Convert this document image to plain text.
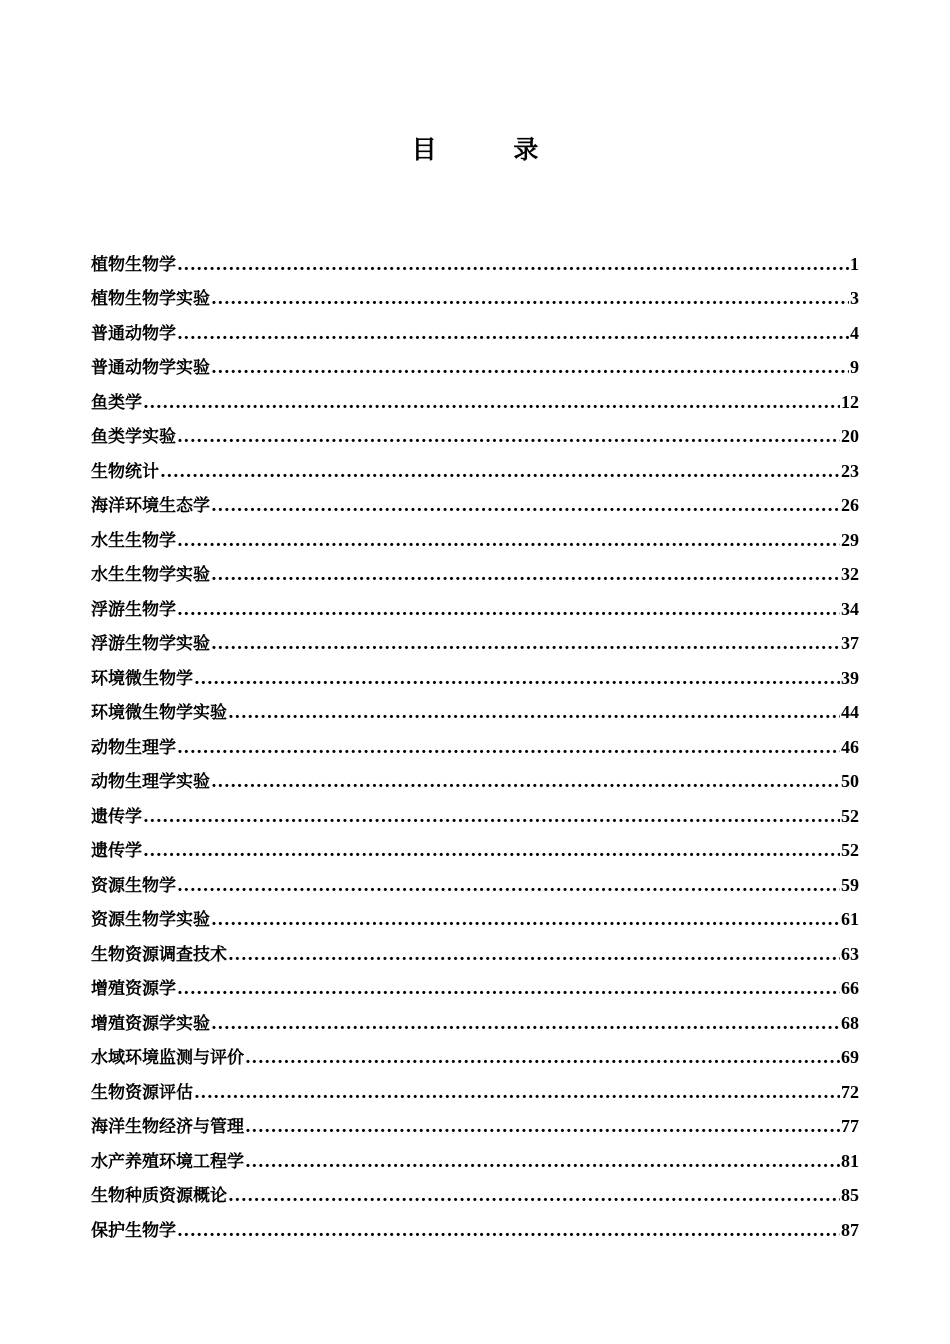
目 录
植物生物学 .....	1
植物生物学实验 .....	3
普通动物学 .....	4
普通动物学实验 .....	9
鱼类学 .....	12
鱼类学实验 .....	20
生物统计 .....	23
海洋环境生态学 .....	26
水生生物学 .....	29
水生生物学实验 .....	32
浮游生物学 .....	34
浮游生物学实验 .....	37
环境微生物学 .....	39
环境微生物学实验 .....	44
动物生理学 .....	46
动物生理学实验 .....	50
遗传学 .....	52
遗传学 .....	52
资源生物学 .....	59
资源生物学实验 .....	61
生物资源调查技术 .....	63
增殖资源学 .....	66
增殖资源学实验 .....	68
水域环境监测与评价 .....	69
生物资源评估 .....	72
海洋生物经济与管理 .....	77
水产养殖环境工程学 .....	81
生物种质资源概论 .....	85
保护生物学 .....	87
